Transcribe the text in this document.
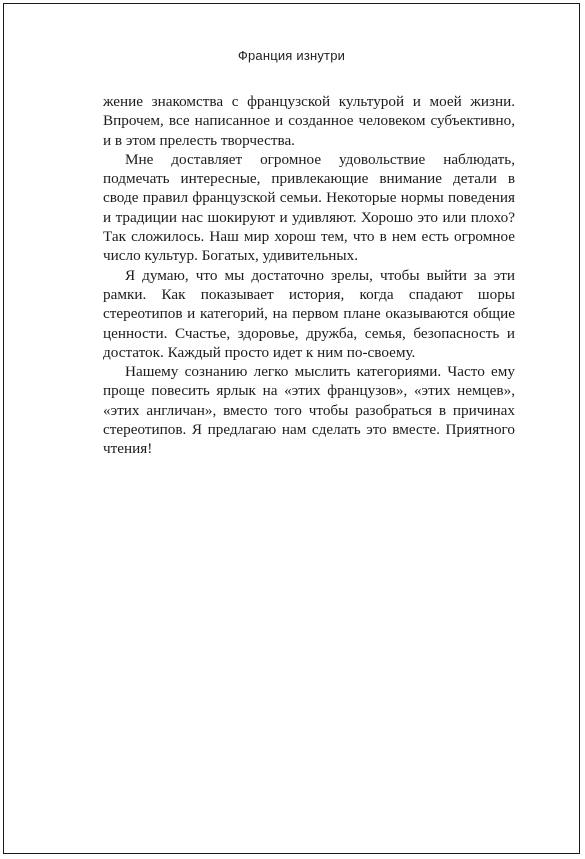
Франция изнутри

жение знакомства с французской культурой и моей жизни. Впрочем, все написанное и созданное человеком субъективно, и в этом прелесть творчества.

Мне доставляет огромное удовольствие наблюдать, подмечать интересные, привлекающие внимание детали в своде правил французской семьи. Некоторые нормы поведения и традиции нас шокируют и удивляют. Хорошо это или плохо? Так сложилось. Наш мир хорош тем, что в нем есть огромное число культур. Богатых, удивительных.

Я думаю, что мы достаточно зрелы, чтобы выйти за эти рамки. Как показывает история, когда спадают шоры стереотипов и категорий, на первом плане оказываются общие ценности. Счастье, здоровье, дружба, семья, безопасность и достаток. Каждый просто идет к ним по-своему.

Нашему сознанию легко мыслить категориями. Часто ему проще повесить ярлык на «этих французов», «этих немцев», «этих англичан», вместо того чтобы разобраться в причинах стереотипов. Я предлагаю нам сделать это вместе. Приятного чтения!
